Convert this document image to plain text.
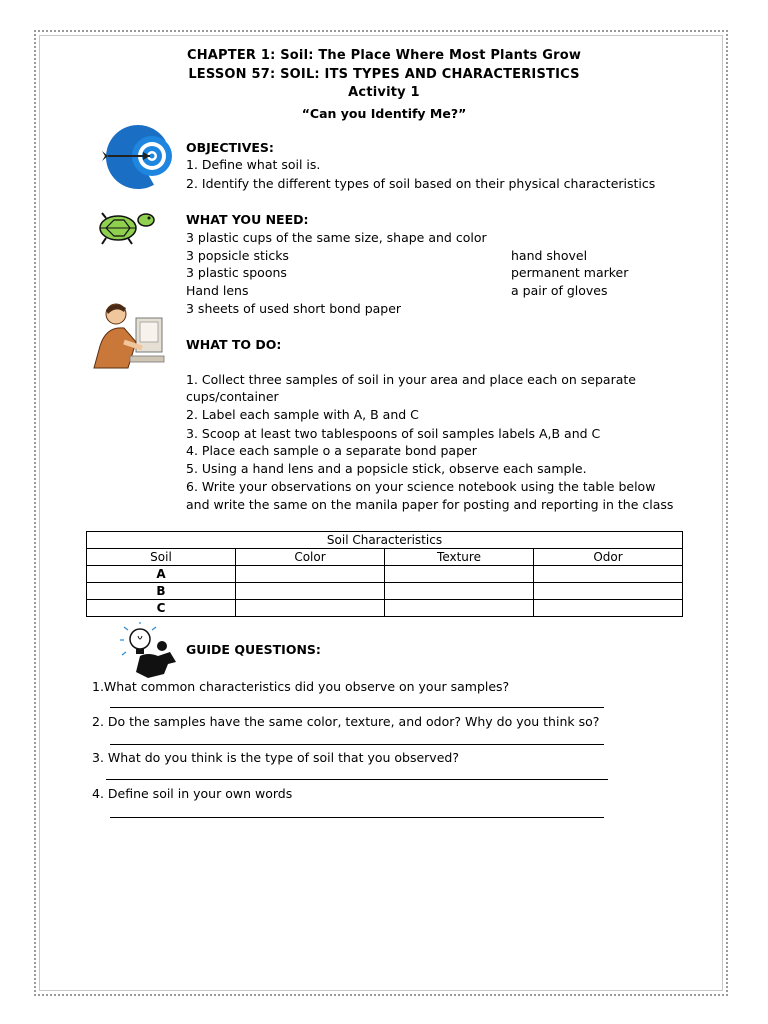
CHAPTER 1: Soil: The Place Where Most Plants Grow
LESSON 57: SOIL: ITS TYPES AND CHARACTERISTICS
Activity 1
“Can you Identify Me?”
OBJECTIVES:
1. Define what soil is.
2. Identify the different types of soil based on their physical characteristics
WHAT YOU NEED:
3 plastic cups of the same size, shape and color
3 popsicle sticks
3 plastic spoons
Hand lens
3 sheets of used short bond paper
hand shovel
permanent marker
a pair of gloves
WHAT TO DO:
1. Collect three samples of soil in your area and place each on separate
cups/container
2. Label each sample with A, B and C
3. Scoop at least two tablespoons of soil samples labels A,B and C
4. Place each sample o a separate bond paper
5. Using a hand lens and a popsicle stick, observe each sample.
6. Write your observations on your science notebook using the table below
and write the same on the manila paper for posting and reporting in the class
Soil Characteristics			
Soil	Color	Texture	Odor
A			
B			
C			
GUIDE QUESTIONS:
1.What common characteristics did you observe on your samples?
2. Do the samples have the same color, texture, and odor? Why do you think so?
3. What do you think is the type of soil that you observed?
4. Define soil in your own words
